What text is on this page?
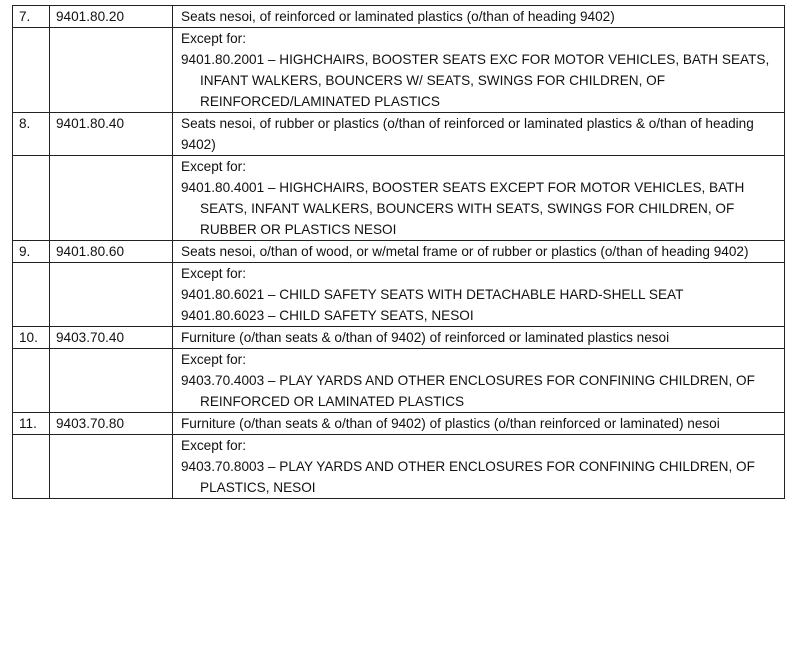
7.	9401.80.20	Seats nesoi, of reinforced or laminated plastics (o/than of heading 9402)

		Except for:

9401.80.2001 – HIGHCHAIRS, BOOSTER SEATS EXC FOR MOTOR VEHICLES, BATH SEATS, INFANT WALKERS, BOUNCERS W/ SEATS, SWINGS FOR CHILDREN, OF REINFORCED/LAMINATED PLASTICS

8.	9401.80.40	Seats nesoi, of rubber or plastics (o/than of reinforced or laminated plastics & o/than of heading 9402)

		Except for:

9401.80.4001 – HIGHCHAIRS, BOOSTER SEATS EXCEPT FOR MOTOR VEHICLES, BATH SEATS, INFANT WALKERS, BOUNCERS WITH SEATS, SWINGS FOR CHILDREN, OF RUBBER OR PLASTICS NESOI

9.	9401.80.60	Seats nesoi, o/than of wood, or w/metal frame or of rubber or plastics (o/than of heading 9402)

		Except for:

9401.80.6021 – CHILD SAFETY SEATS WITH DETACHABLE HARD-SHELL SEAT

9401.80.6023 – CHILD SAFETY SEATS, NESOI

10.	9403.70.40	Furniture (o/than seats & o/than of 9402) of reinforced or laminated plastics nesoi

		Except for:

9403.70.4003 – PLAY YARDS AND OTHER ENCLOSURES FOR CONFINING CHILDREN, OF REINFORCED OR LAMINATED PLASTICS

11.	9403.70.80	Furniture (o/than seats & o/than of 9402) of plastics (o/than reinforced or laminated) nesoi

		Except for:

9403.70.8003 – PLAY YARDS AND OTHER ENCLOSURES FOR CONFINING CHILDREN, OF PLASTICS, NESOI
